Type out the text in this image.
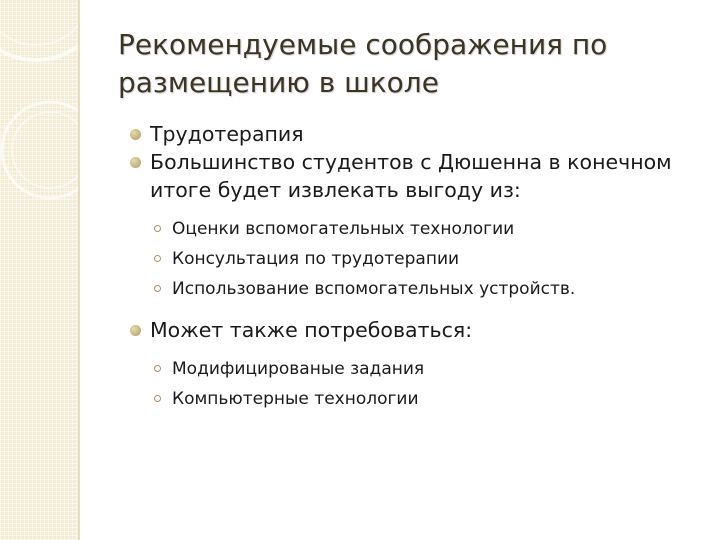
Рекомендуемые соображения по
размещению в школе
Трудотерапия
Большинство студентов с Дюшенна в конечном итоге будет извлекать выгоду из:
Оценки вспомогательных технологии
Консультация по трудотерапии
Использование вспомогательных устройств.
Может также потребоваться:
Модифицированые задания
Компьютерные технологии
